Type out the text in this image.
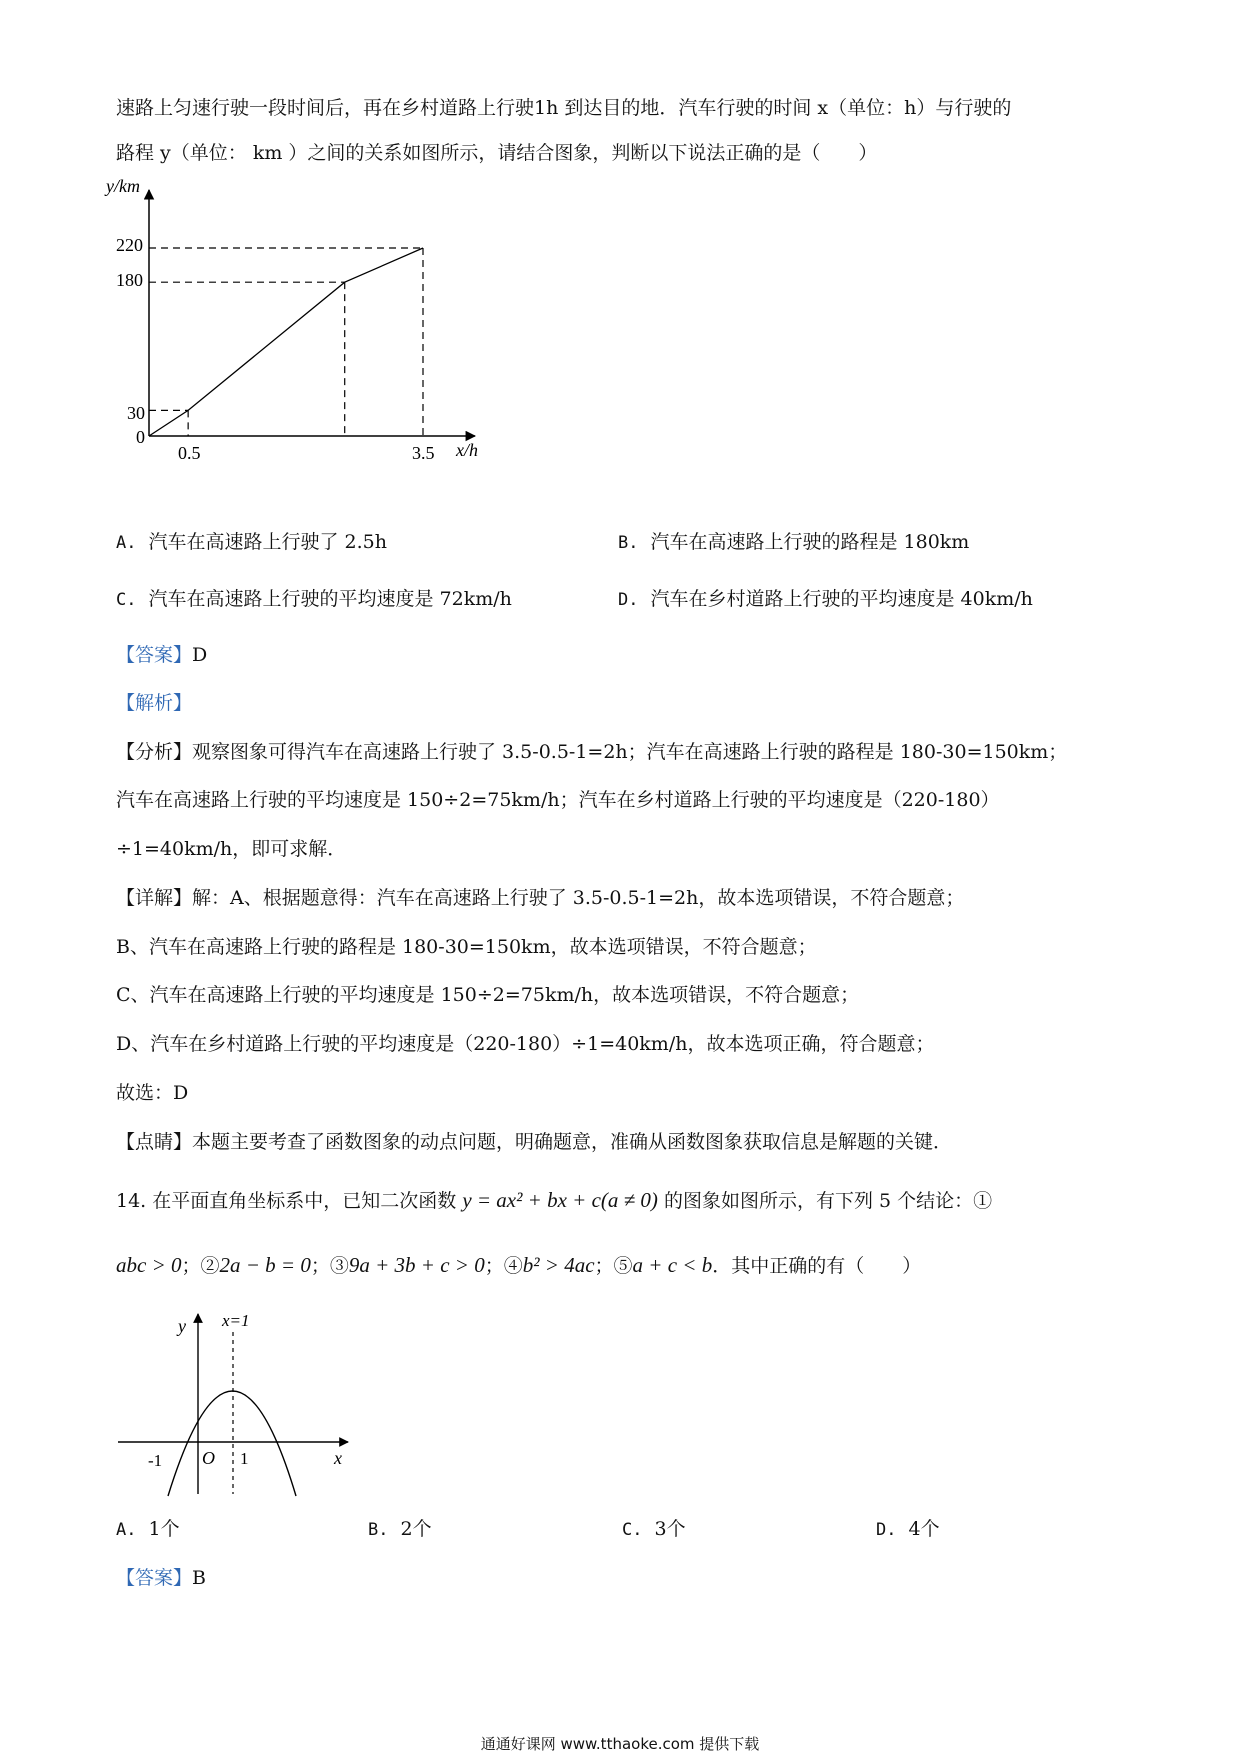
速路上匀速行驶一段时间后，再在乡村道路上行驶1h 到达目的地．汽车行驶的时间 x（单位：h）与行驶的
路程 y（单位： km ）之间的关系如图所示，请结合图象，判断以下说法正确的是（　　）
y/km
x/h
220
180
30
0
0.5	3.5
A. 汽车在高速路上行驶了 2.5h	B. 汽车在高速路上行驶的路程是 180km
C. 汽车在高速路上行驶的平均速度是 72km/h	D. 汽车在乡村道路上行驶的平均速度是 40km/h
【答案】D
【解析】
【分析】观察图象可得汽车在高速路上行驶了 3.5-0.5-1=2h；汽车在高速路上行驶的路程是 180-30=150km；
汽车在高速路上行驶的平均速度是 150÷2=75km/h；汽车在乡村道路上行驶的平均速度是（220-180）
÷1=40km/h，即可求解．
【详解】解：A、根据题意得：汽车在高速路上行驶了 3.5-0.5-1=2h，故本选项错误，不符合题意；
B、汽车在高速路上行驶的路程是 180-30=150km，故本选项错误，不符合题意；
C、汽车在高速路上行驶的平均速度是 150÷2=75km/h，故本选项错误，不符合题意；
D、汽车在乡村道路上行驶的平均速度是（220-180）÷1=40km/h，故本选项正确，符合题意；
故选：D
【点睛】本题主要考查了函数图象的动点问题，明确题意，准确从函数图象获取信息是解题的关键．
14. 在平面直角坐标系中，已知二次函数 y = ax² + bx + c(a ≠ 0) 的图象如图所示，有下列 5 个结论：①
abc > 0；②2a − b = 0；③9a + 3b + c > 0；④b² > 4ac；⑤a + c < b．其中正确的有（　　）
x=1
y
x
O
-1	1
A. 1个	B. 2个	C. 3个	D. 4个
【答案】B
通通好课网 www.tthaoke.com 提供下载
